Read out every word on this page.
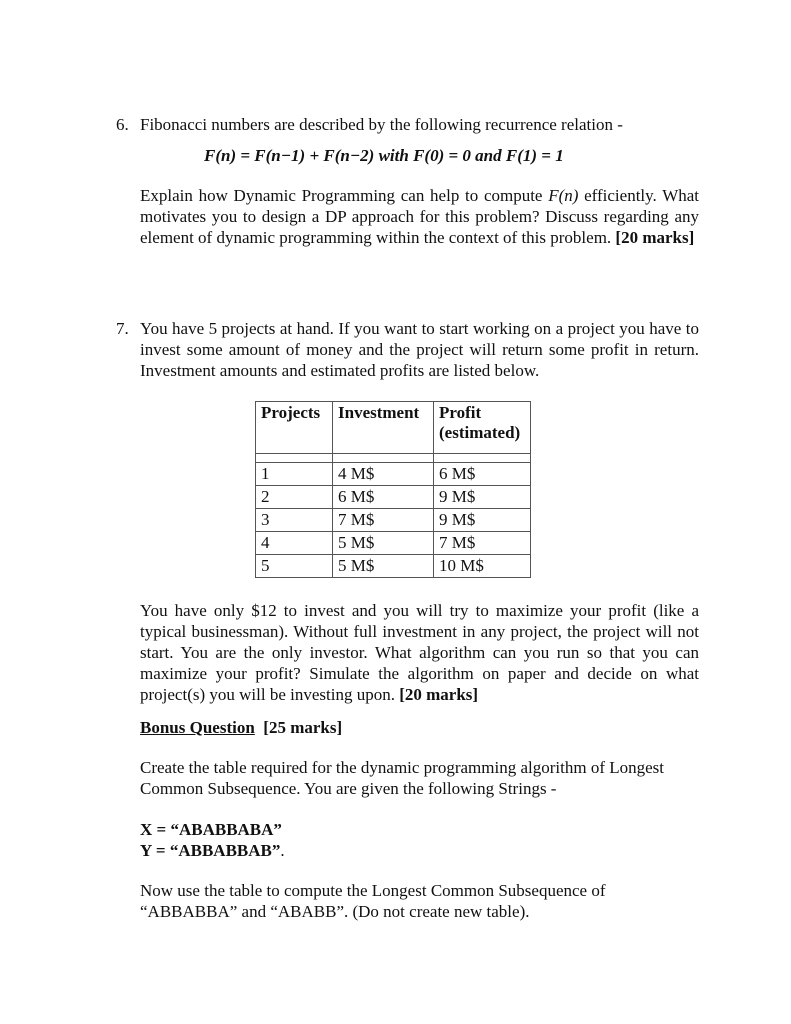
6. Fibonacci numbers are described by the following recurrence relation -
F(n) = F(n−1) + F(n−2) with F(0) = 0 and F(1) = 1
Explain how Dynamic Programming can help to compute F(n) efficiently. What motivates you to design a DP approach for this problem? Discuss regarding any element of dynamic programming within the context of this problem. [20 marks]
7. You have 5 projects at hand. If you want to start working on a project you have to invest some amount of money and the project will return some profit in return. Investment amounts and estimated profits are listed below.
Projects	Investment	Profit (estimated)

1	4 M$	6 M$
2	6 M$	9 M$
3	7 M$	9 M$
4	5 M$	7 M$
5	5 M$	10 M$
You have only $12 to invest and you will try to maximize your profit (like a typical businessman). Without full investment in any project, the project will not start. You are the only investor. What algorithm can you run so that you can maximize your profit? Simulate the algorithm on paper and decide on what project(s) you will be investing upon. [20 marks]
Bonus Question [25 marks]
Create the table required for the dynamic programming algorithm of Longest Common Subsequence. You are given the following Strings -
X = “ABABBABA”
Y = “ABBABBAB”.
Now use the table to compute the Longest Common Subsequence of “ABBABBA” and “ABABB”. (Do not create new table).
